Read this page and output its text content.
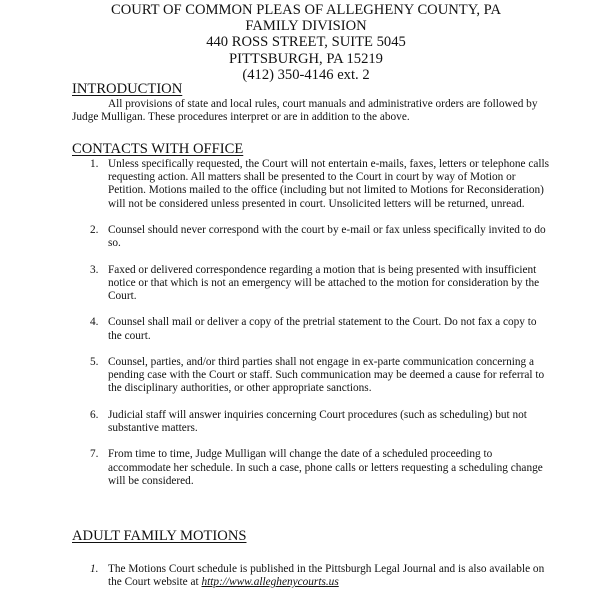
COURT OF COMMON PLEAS OF ALLEGHENY COUNTY, PA
FAMILY DIVISION
440 ROSS STREET, SUITE 5045
PITTSBURGH, PA 15219
(412) 350-4146 ext. 2
INTRODUCTION
All provisions of state and local rules, court manuals and administrative orders are followed by Judge Mulligan. These procedures interpret or are in addition to the above.
CONTACTS WITH OFFICE
1. Unless specifically requested, the Court will not entertain e-mails, faxes, letters or telephone calls requesting action. All matters shall be presented to the Court in court by way of Motion or Petition. Motions mailed to the office (including but not limited to Motions for Reconsideration) will not be considered unless presented in court. Unsolicited letters will be returned, unread.
2. Counsel should never correspond with the court by e-mail or fax unless specifically invited to do so.
3. Faxed or delivered correspondence regarding a motion that is being presented with insufficient notice or that which is not an emergency will be attached to the motion for consideration by the Court.
4. Counsel shall mail or deliver a copy of the pretrial statement to the Court. Do not fax a copy to the court.
5. Counsel, parties, and/or third parties shall not engage in ex-parte communication concerning a pending case with the Court or staff. Such communication may be deemed a cause for referral to the disciplinary authorities, or other appropriate sanctions.
6. Judicial staff will answer inquiries concerning Court procedures (such as scheduling) but not substantive matters.
7. From time to time, Judge Mulligan will change the date of a scheduled proceeding to accommodate her schedule. In such a case, phone calls or letters requesting a scheduling change will be considered.
ADULT FAMILY MOTIONS
1. The Motions Court schedule is published in the Pittsburgh Legal Journal and is also available on the Court website at http://www.alleghenycourts.us
